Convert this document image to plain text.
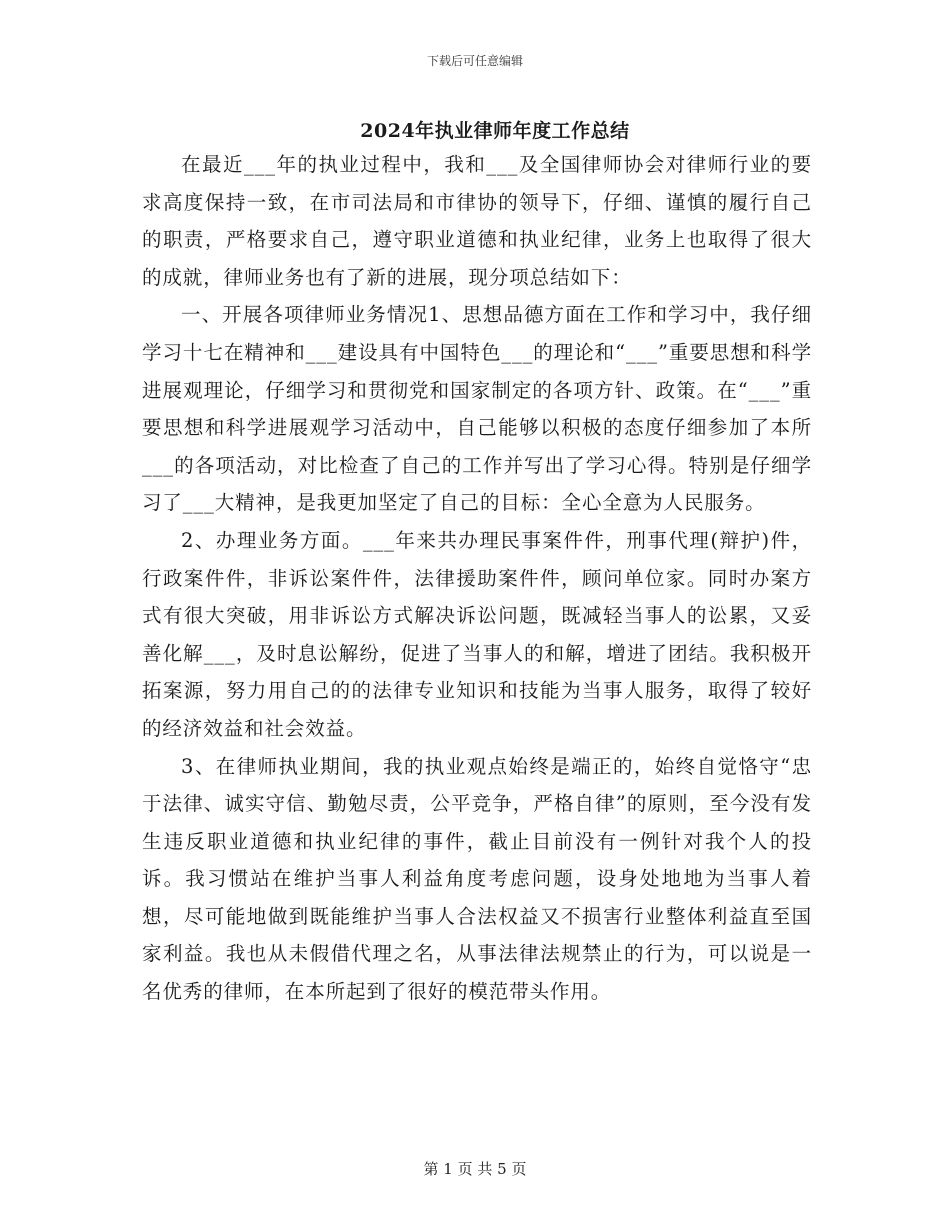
下载后可任意编辑
2024年执业律师年度工作总结

在最近___年的执业过程中，我和___及全国律师协会对律师行业的要求高度保持一致，在市司法局和市律协的领导下，仔细、谨慎的履行自己的职责，严格要求自己，遵守职业道德和执业纪律，业务上也取得了很大的成就，律师业务也有了新的进展，现分项总结如下：

一、开展各项律师业务情况1、思想品德方面在工作和学习中，我仔细学习十七在精神和___建设具有中国特色___的理论和“___”重要思想和科学进展观理论，仔细学习和贯彻党和国家制定的各项方针、政策。在“___”重要思想和科学进展观学习活动中，自己能够以积极的态度仔细参加了本所___的各项活动，对比检查了自己的工作并写出了学习心得。特别是仔细学习了___大精神，是我更加坚定了自己的目标：全心全意为人民服务。

2、办理业务方面。___年来共办理民事案件件，刑事代理(辩护)件，行政案件件，非诉讼案件件，法律援助案件件，顾问单位家。同时办案方式有很大突破，用非诉讼方式解决诉讼问题，既减轻当事人的讼累，又妥善化解___，及时息讼解纷，促进了当事人的和解，增进了团结。我积极开拓案源，努力用自己的的法律专业知识和技能为当事人服务，取得了较好的经济效益和社会效益。

3、在律师执业期间，我的执业观点始终是端正的，始终自觉恪守“忠于法律、诚实守信、勤勉尽责，公平竞争，严格自律”的原则，至今没有发生违反职业道德和执业纪律的事件，截止目前没有一例针对我个人的投诉。我习惯站在维护当事人利益角度考虑问题，设身处地地为当事人着想，尽可能地做到既能维护当事人合法权益又不损害行业整体利益直至国家利益。我也从未假借代理之名，从事法律法规禁止的行为，可以说是一名优秀的律师，在本所起到了很好的模范带头作用。

第 1 页 共 5 页
